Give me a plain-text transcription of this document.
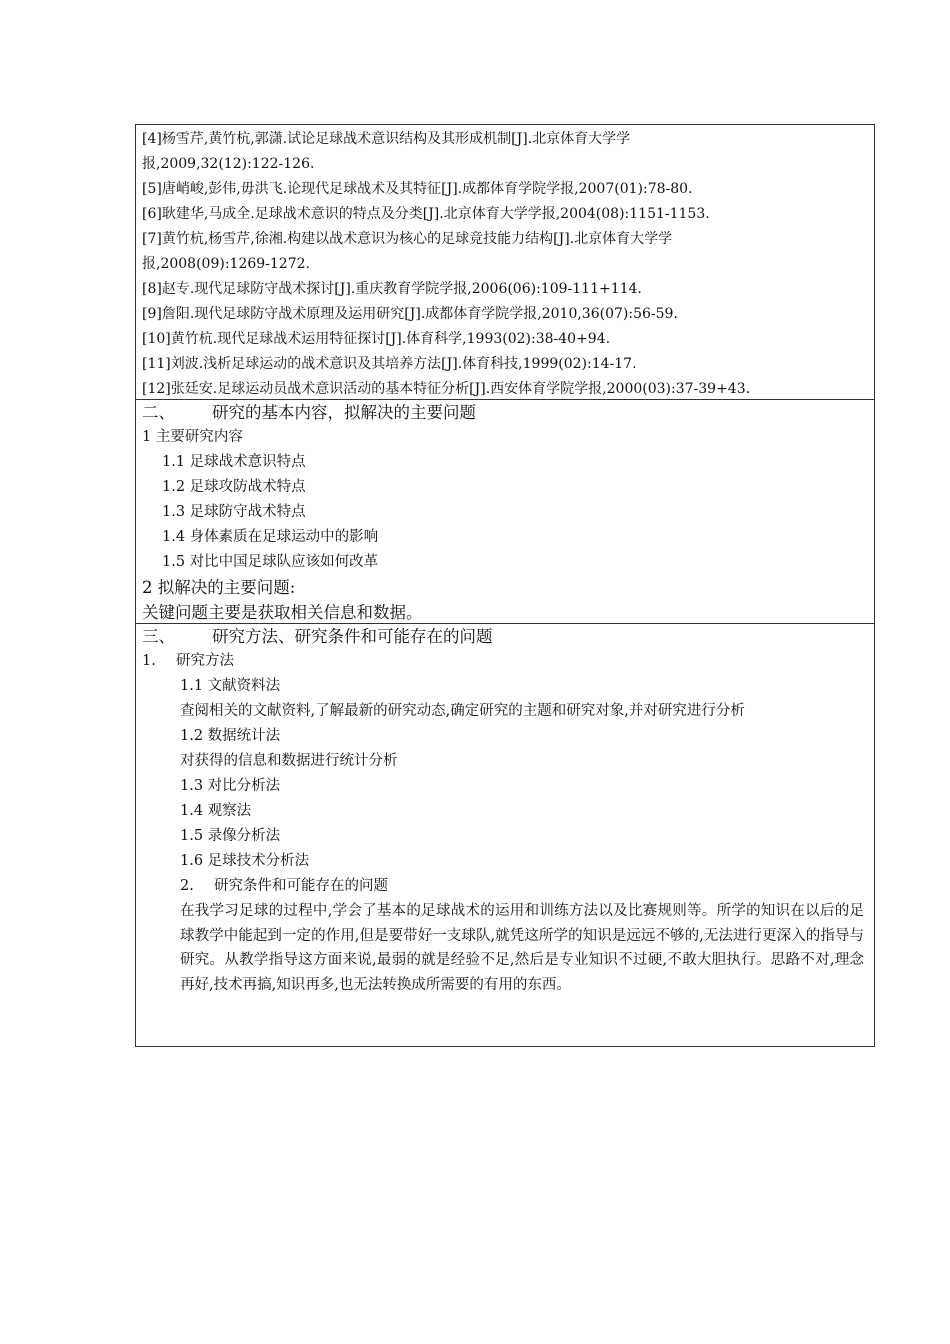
[4]杨雪芹,黄竹杭,郭潇.试论足球战术意识结构及其形成机制[J].北京体育大学学
报,2009,32(12):122-126.
[5]唐峭峻,彭伟,毋洪飞.论现代足球战术及其特征[J].成都体育学院学报,2007(01):78-80.
[6]耿建华,马成全.足球战术意识的特点及分类[J].北京体育大学学报,2004(08):1151-1153.
[7]黄竹杭,杨雪芹,徐湘.构建以战术意识为核心的足球竞技能力结构[J].北京体育大学学
报,2008(09):1269-1272.
[8]赵专.现代足球防守战术探讨[J].重庆教育学院学报,2006(06):109-111+114.
[9]詹阳.现代足球防守战术原理及运用研究[J].成都体育学院学报,2010,36(07):56-59.
[10]黄竹杭.现代足球战术运用特征探讨[J].体育科学,1993(02):38-40+94.
[11]刘波.浅析足球运动的战术意识及其培养方法[J].体育科技,1999(02):14-17.
[12]张廷安.足球运动员战术意识活动的基本特征分析[J].西安体育学院学报,2000(03):37-39+43.
二、 研究的基本内容，拟解决的主要问题
1 主要研究内容
1.1 足球战术意识特点
1.2 足球攻防战术特点
1.3 足球防守战术特点
1.4 身体素质在足球运动中的影响
1.5 对比中国足球队应该如何改革
2 拟解决的主要问题:
关键问题主要是获取相关信息和数据。
三、 研究方法、研究条件和可能存在的问题
1. 研究方法
1.1 文献资料法
查阅相关的文献资料,了解最新的研究动态,确定研究的主题和研究对象,并对研究进行分析
1.2 数据统计法
对获得的信息和数据进行统计分析
1.3 对比分析法
1.4 观察法
1.5 录像分析法
1.6 足球技术分析法
2. 研究条件和可能存在的问题
在我学习足球的过程中,学会了基本的足球战术的运用和训练方法以及比赛规则等。所学的知识在以后的足球教学中能起到一定的作用,但是要带好一支球队,就凭这所学的知识是远远不够的,无法进行更深入的指导与研究。从教学指导这方面来说,最弱的就是经验不足,然后是专业知识不过硬,不敢大胆执行。思路不对,理念再好,技术再搞,知识再多,也无法转换成所需要的有用的东西。
